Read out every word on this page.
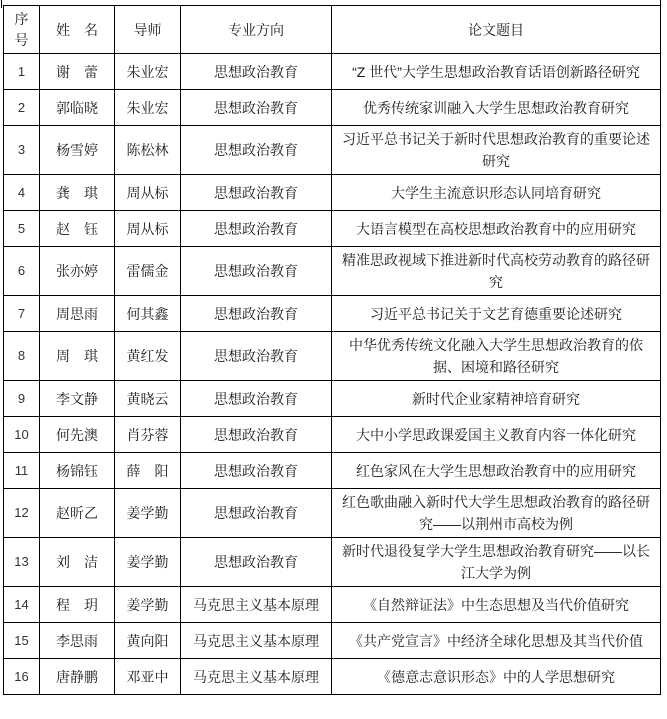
序号	姓　名	导师	专业方向	论文题目
1	谢　蕾	朱业宏	思想政治教育	“Z 世代”大学生思想政治教育话语创新路径研究
2	郭临晓	朱业宏	思想政治教育	优秀传统家训融入大学生思想政治教育研究
3	杨雪婷	陈松林	思想政治教育	习近平总书记关于新时代思想政治教育的重要论述研究
4	龚　琪	周从标	思想政治教育	大学生主流意识形态认同培育研究
5	赵　钰	周从标	思想政治教育	大语言模型在高校思想政治教育中的应用研究
6	张亦婷	雷儒金	思想政治教育	精准思政视域下推进新时代高校劳动教育的路径研究
7	周思雨	何其鑫	思想政治教育	习近平总书记关于文艺育德重要论述研究
8	周　琪	黄红发	思想政治教育	中华优秀传统文化融入大学生思想政治教育的依据、困境和路径研究
9	李文静	黄晓云	思想政治教育	新时代企业家精神培育研究
10	何先澳	肖芬蓉	思想政治教育	大中小学思政课爱国主义教育内容一体化研究
11	杨锦钰	薛　阳	思想政治教育	红色家风在大学生思想政治教育中的应用研究
12	赵昕乙	姜学勤	思想政治教育	红色歌曲融入新时代大学生思想政治教育的路径研究——以荆州市高校为例
13	刘　洁	姜学勤	思想政治教育	新时代退役复学大学生思想政治教育研究——以长江大学为例
14	程　玥	姜学勤	马克思主义基本原理	《自然辩证法》中生态思想及当代价值研究
15	李思雨	黄向阳	马克思主义基本原理	《共产党宣言》中经济全球化思想及其当代价值
16	唐静鹏	邓亚中	马克思主义基本原理	《德意志意识形态》中的人学思想研究
